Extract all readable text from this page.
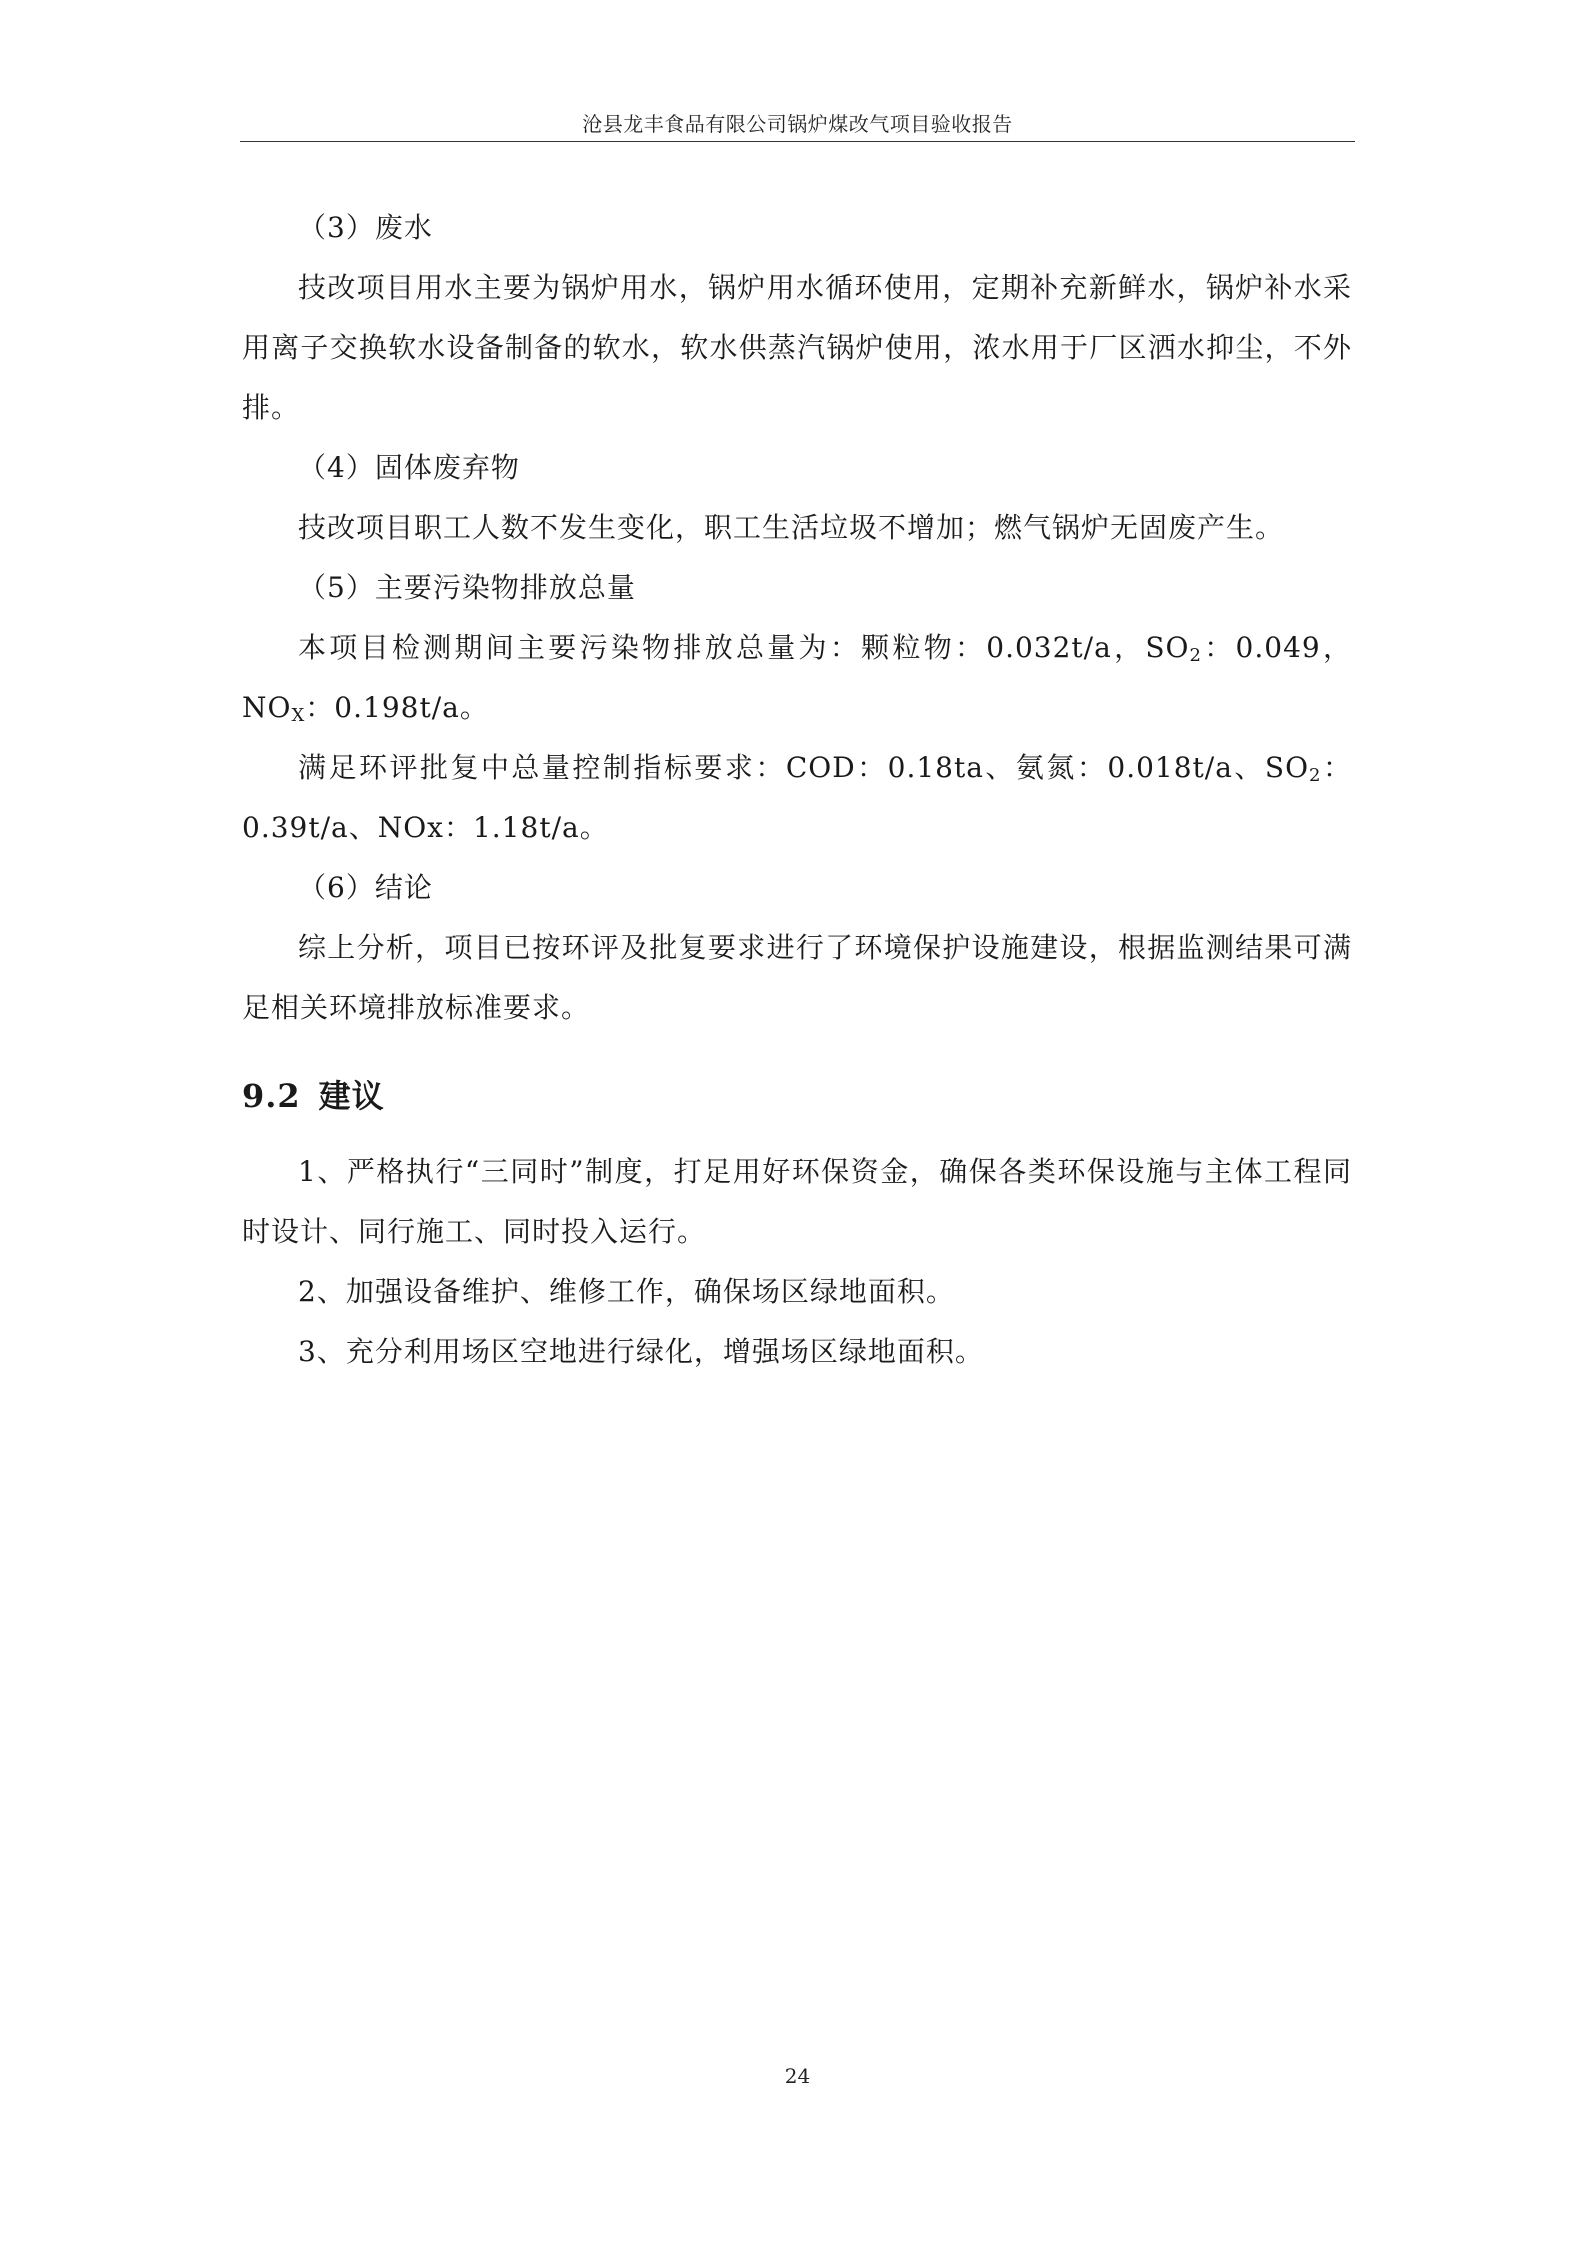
沧县龙丰食品有限公司锅炉煤改气项目验收报告

（3）废水

技改项目用水主要为锅炉用水，锅炉用水循环使用，定期补充新鲜水，锅炉补水采用离子交换软水设备制备的软水，软水供蒸汽锅炉使用，浓水用于厂区洒水抑尘，不外排。

（4）固体废弃物

技改项目职工人数不发生变化，职工生活垃圾不增加；燃气锅炉无固废产生。

（5）主要污染物排放总量

本项目检测期间主要污染物排放总量为：颗粒物：0.032t/a，$SO_2$：0.049，$NO_X$：0.198t/a。

满足环评批复中总量控制指标要求：COD：0.18ta、氨氮：0.018t/a、$SO_2$：0.39t/a、NOx：1.18t/a。

（6）结论

综上分析，项目已按环评及批复要求进行了环境保护设施建设，根据监测结果可满足相关环境排放标准要求。

9.2 建议

1、严格执行“三同时”制度，打足用好环保资金，确保各类环保设施与主体工程同时设计、同行施工、同时投入运行。

2、加强设备维护、维修工作，确保场区绿地面积。

3、充分利用场区空地进行绿化，增强场区绿地面积。

24
